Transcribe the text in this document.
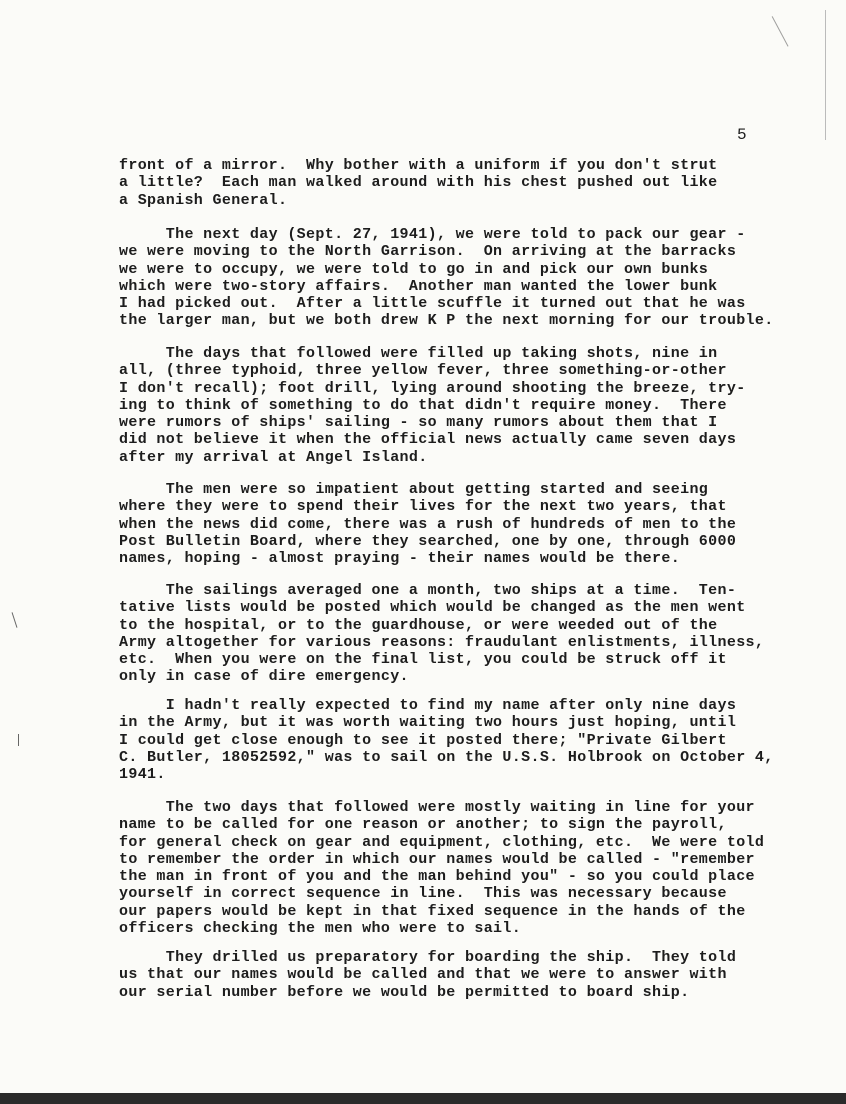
5
front of a mirror.  Why bother with a uniform if you don't strut
a little?  Each man walked around with his chest pushed out like
a Spanish General.
The next day (Sept. 27, 1941), we were told to pack our gear -
we were moving to the North Garrison.  On arriving at the barracks
we were to occupy, we were told to go in and pick our own bunks
which were two-story affairs.  Another man wanted the lower bunk
I had picked out.  After a little scuffle it turned out that he was
the larger man, but we both drew K P the next morning for our trouble.
The days that followed were filled up taking shots, nine in
all, (three typhoid, three yellow fever, three something-or-other
I don't recall); foot drill, lying around shooting the breeze, try-
ing to think of something to do that didn't require money.  There
were rumors of ships' sailing - so many rumors about them that I
did not believe it when the official news actually came seven days
after my arrival at Angel Island.
The men were so impatient about getting started and seeing
where they were to spend their lives for the next two years, that
when the news did come, there was a rush of hundreds of men to the
Post Bulletin Board, where they searched, one by one, through 6000
names, hoping - almost praying - their names would be there.
The sailings averaged one a month, two ships at a time.  Ten-
tative lists would be posted which would be changed as the men went
to the hospital, or to the guardhouse, or were weeded out of the
Army altogether for various reasons: fraudulant enlistments, illness,
etc.  When you were on the final list, you could be struck off it
only in case of dire emergency.
I hadn't really expected to find my name after only nine days
in the Army, but it was worth waiting two hours just hoping, until
I could get close enough to see it posted there; "Private Gilbert
C. Butler, 18052592," was to sail on the U.S.S. Holbrook on October 4,
1941.
The two days that followed were mostly waiting in line for your
name to be called for one reason or another; to sign the payroll,
for general check on gear and equipment, clothing, etc.  We were told
to remember the order in which our names would be called - "remember
the man in front of you and the man behind you" - so you could place
yourself in correct sequence in line.  This was necessary because
our papers would be kept in that fixed sequence in the hands of the
officers checking the men who were to sail.
They drilled us preparatory for boarding the ship.  They told
us that our names would be called and that we were to answer with
our serial number before we would be permitted to board ship.
